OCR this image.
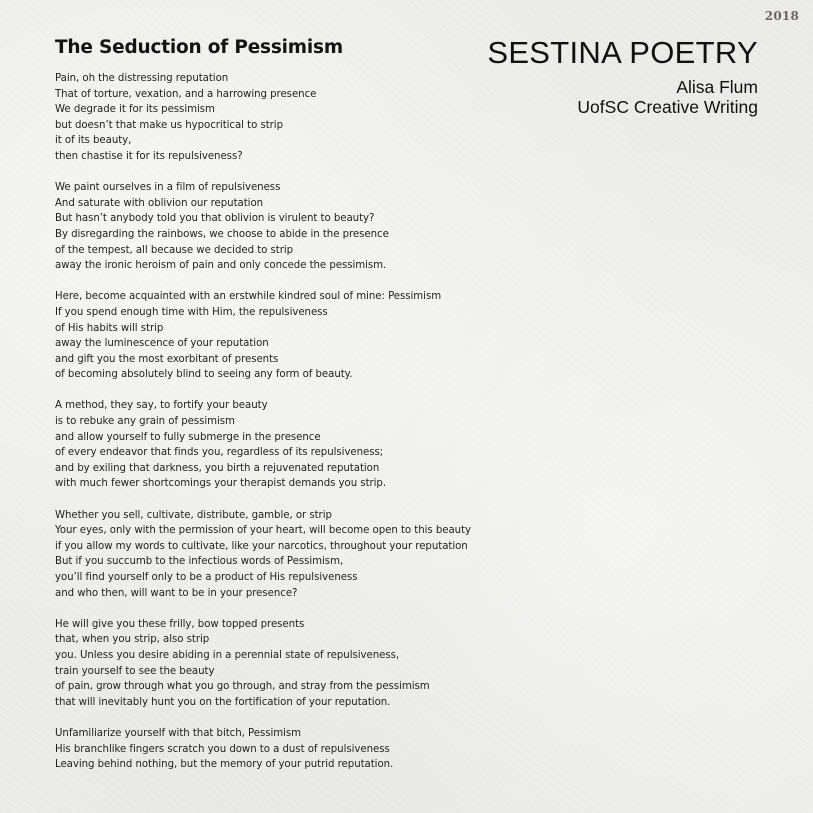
2018
SESTINA POETRY
Alisa Flum
UofSC Creative Writing
The Seduction of Pessimism
Pain, oh the distressing reputation
That of torture, vexation, and a harrowing presence
We degrade it for its pessimism
but doesn’t that make us hypocritical to strip
it of its beauty,
then chastise it for its repulsiveness?
We paint ourselves in a film of repulsiveness
And saturate with oblivion our reputation
But hasn’t anybody told you that oblivion is virulent to beauty?
By disregarding the rainbows, we choose to abide in the presence
of the tempest, all because we decided to strip
away the ironic heroism of pain and only concede the pessimism.
Here, become acquainted with an erstwhile kindred soul of mine: Pessimism
If you spend enough time with Him, the repulsiveness
of His habits will strip
away the luminescence of your reputation
and gift you the most exorbitant of presents
of becoming absolutely blind to seeing any form of beauty.
A method, they say, to fortify your beauty
is to rebuke any grain of pessimism
and allow yourself to fully submerge in the presence
of every endeavor that finds you, regardless of its repulsiveness;
and by exiling that darkness, you birth a rejuvenated reputation
with much fewer shortcomings your therapist demands you strip.
Whether you sell, cultivate, distribute, gamble, or strip
Your eyes, only with the permission of your heart, will become open to this beauty
if you allow my words to cultivate, like your narcotics, throughout your reputation
But if you succumb to the infectious words of Pessimism,
you’ll find yourself only to be a product of His repulsiveness
and who then, will want to be in your presence?
He will give you these frilly, bow topped presents
that, when you strip, also strip
you. Unless you desire abiding in a perennial state of repulsiveness,
train yourself to see the beauty
of pain, grow through what you go through, and stray from the pessimism
that will inevitably hunt you on the fortification of your reputation.
Unfamiliarize yourself with that bitch, Pessimism
His branchlike fingers scratch you down to a dust of repulsiveness
Leaving behind nothing, but the memory of your putrid reputation.
